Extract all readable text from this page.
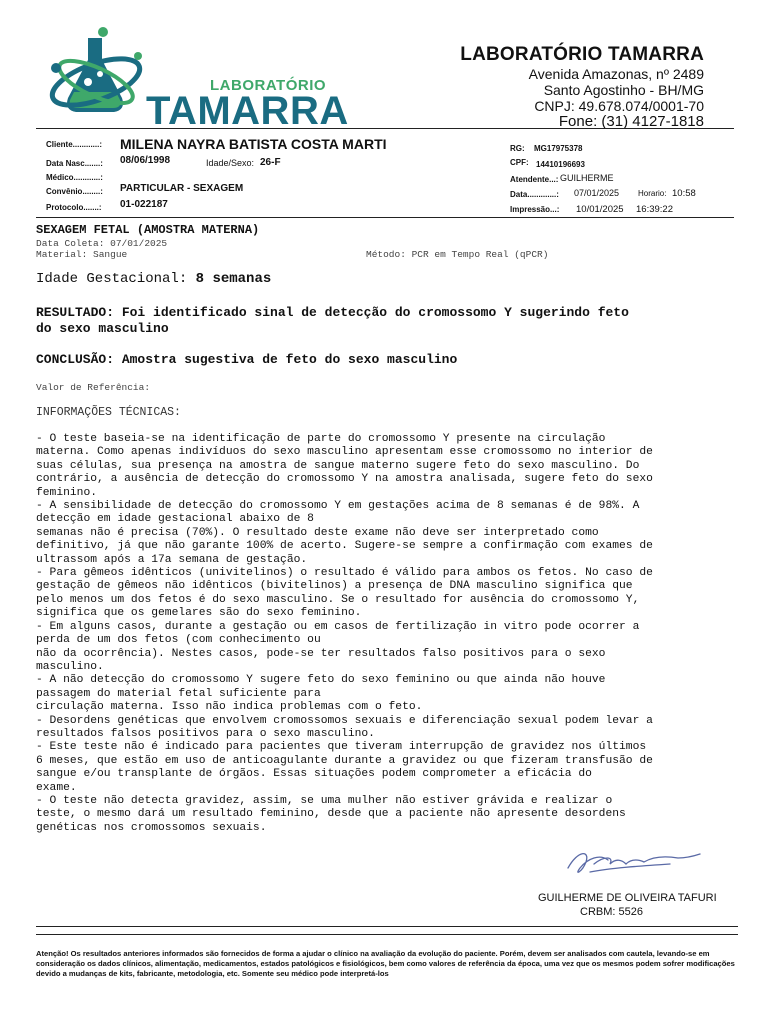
LABORATÓRIO
TAMARRA
LABORATÓRIO TAMARRA
Avenida Amazonas, nº 2489
Santo Agostinho - BH/MG
CNPJ: 49.678.074/0001-70
Fone: (31) 4127-1818
Cliente............: MILENA NAYRA BATISTA COSTA MARTI
Data Nasc.......: 08/06/1998	Idade/Sexo: 26-F
Médico............:
Convênio........: PARTICULAR - SEXAGEM
Protocolo.......: 01-022187
RG: MG17975378
CPF: 14410196693
Atendente...: GUILHERME
Data.............: 07/01/2025 Horario: 10:58
Impressão...: 10/01/2025 16:39:22
SEXAGEM FETAL (AMOSTRA MATERNA)
Data Coleta: 07/01/2025
Material: Sangue	Método: PCR em Tempo Real (qPCR)
Idade Gestacional: 8 semanas
RESULTADO: Foi identificado sinal de detecção do cromossomo Y sugerindo feto
do sexo masculino
CONCLUSÃO: Amostra sugestiva de feto do sexo masculino
Valor de Referência:
INFORMAÇÕES TÉCNICAS:
- O teste baseia-se na identificação de parte do cromossomo Y presente na circulação
materna. Como apenas indivíduos do sexo masculino apresentam esse cromossomo no interior de
suas células, sua presença na amostra de sangue materno sugere feto do sexo masculino. Do
contrário, a ausência de detecção do cromossomo Y na amostra analisada, sugere feto do sexo
feminino.
- A sensibilidade de detecção do cromossomo Y em gestações acima de 8 semanas é de 98%. A
detecção em idade gestacional abaixo de 8
semanas não é precisa (70%). O resultado deste exame não deve ser interpretado como
definitivo, já que não garante 100% de acerto. Sugere-se sempre a confirmação com exames de
ultrassom após a 17a semana de gestação.
- Para gêmeos idênticos (univitelinos) o resultado é válido para ambos os fetos. No caso de
gestação de gêmeos não idênticos (bivitelinos) a presença de DNA masculino significa que
pelo menos um dos fetos é do sexo masculino. Se o resultado for ausência do cromossomo Y,
significa que os gemelares são do sexo feminino.
- Em alguns casos, durante a gestação ou em casos de fertilização in vitro pode ocorrer a
perda de um dos fetos (com conhecimento ou
não da ocorrência). Nestes casos, pode-se ter resultados falso positivos para o sexo
masculino.
- A não detecção do cromossomo Y sugere feto do sexo feminino ou que ainda não houve
passagem do material fetal suficiente para
circulação materna. Isso não indica problemas com o feto.
- Desordens genéticas que envolvem cromossomos sexuais e diferenciação sexual podem levar a
resultados falsos positivos para o sexo masculino.
- Este teste não é indicado para pacientes que tiveram interrupção de gravidez nos últimos
6 meses, que estão em uso de anticoagulante durante a gravidez ou que fizeram transfusão de
sangue e/ou transplante de órgãos. Essas situações podem comprometer a eficácia do
exame.
- O teste não detecta gravidez, assim, se uma mulher não estiver grávida e realizar o
teste, o mesmo dará um resultado feminino, desde que a paciente não apresente desordens
genéticas nos cromossomos sexuais.
GUILHERME DE OLIVEIRA TAFURI
CRBM: 5526
Atenção! Os resultados anteriores informados são fornecidos de forma a ajudar o clínico na avaliação da evolução do paciente. Porém, devem ser analisados com cautela, levando-se em consideração os dados clínicos, alimentação, medicamentos, estados patológicos e fisiológicos, bem como valores de referência da época, uma vez que os mesmos podem sofrer modificações devido a mudanças de kits, fabricante, metodologia, etc. Somente seu médico pode interpretá-los
